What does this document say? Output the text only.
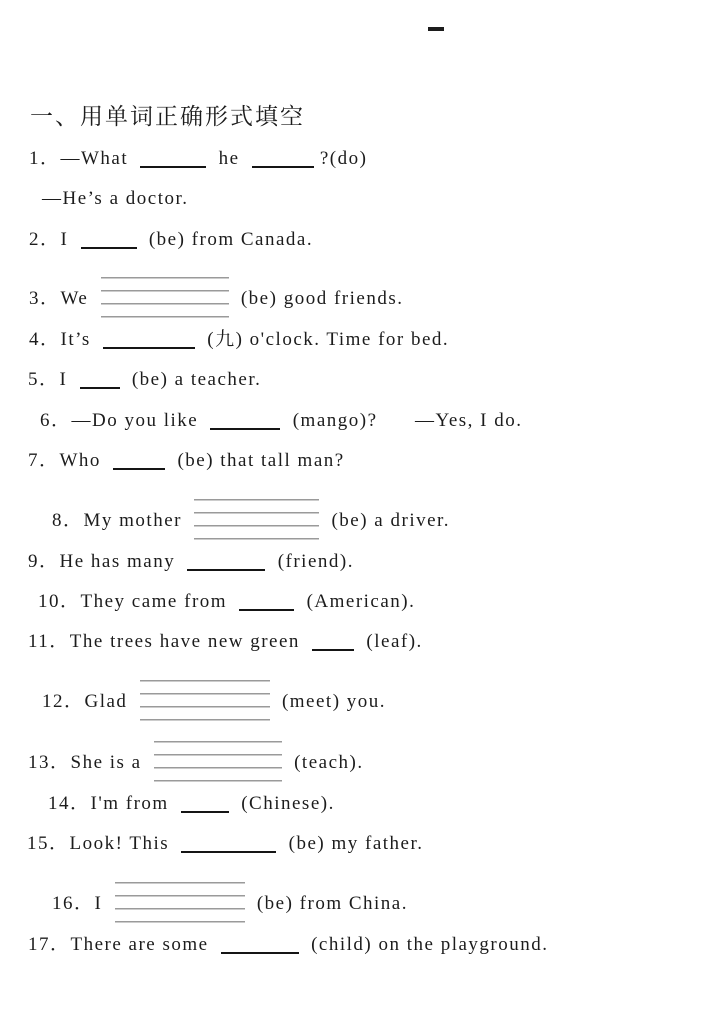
一、用单词正确形式填空
1．—What	he	?(do)
—He’s a doctor.
2．I	(be) from Canada.
3．We	(be) good friends.
4．It’s	(九) o'clock. Time for bed.
5．I	(be) a teacher.
6．—Do you like	(mango)?      —Yes, I do.
7．Who	(be) that tall man?
8．My mother	(be) a driver.
9．He has many	(friend).
10．They came from	(American).
11．The trees have new green	(leaf).
12．Glad	(meet) you.
13．She is a	(teach).
14．I'm from	(Chinese).
15．Look! This	(be) my father.
16．I	(be) from China.
17．There are some	(child) on the playground.
